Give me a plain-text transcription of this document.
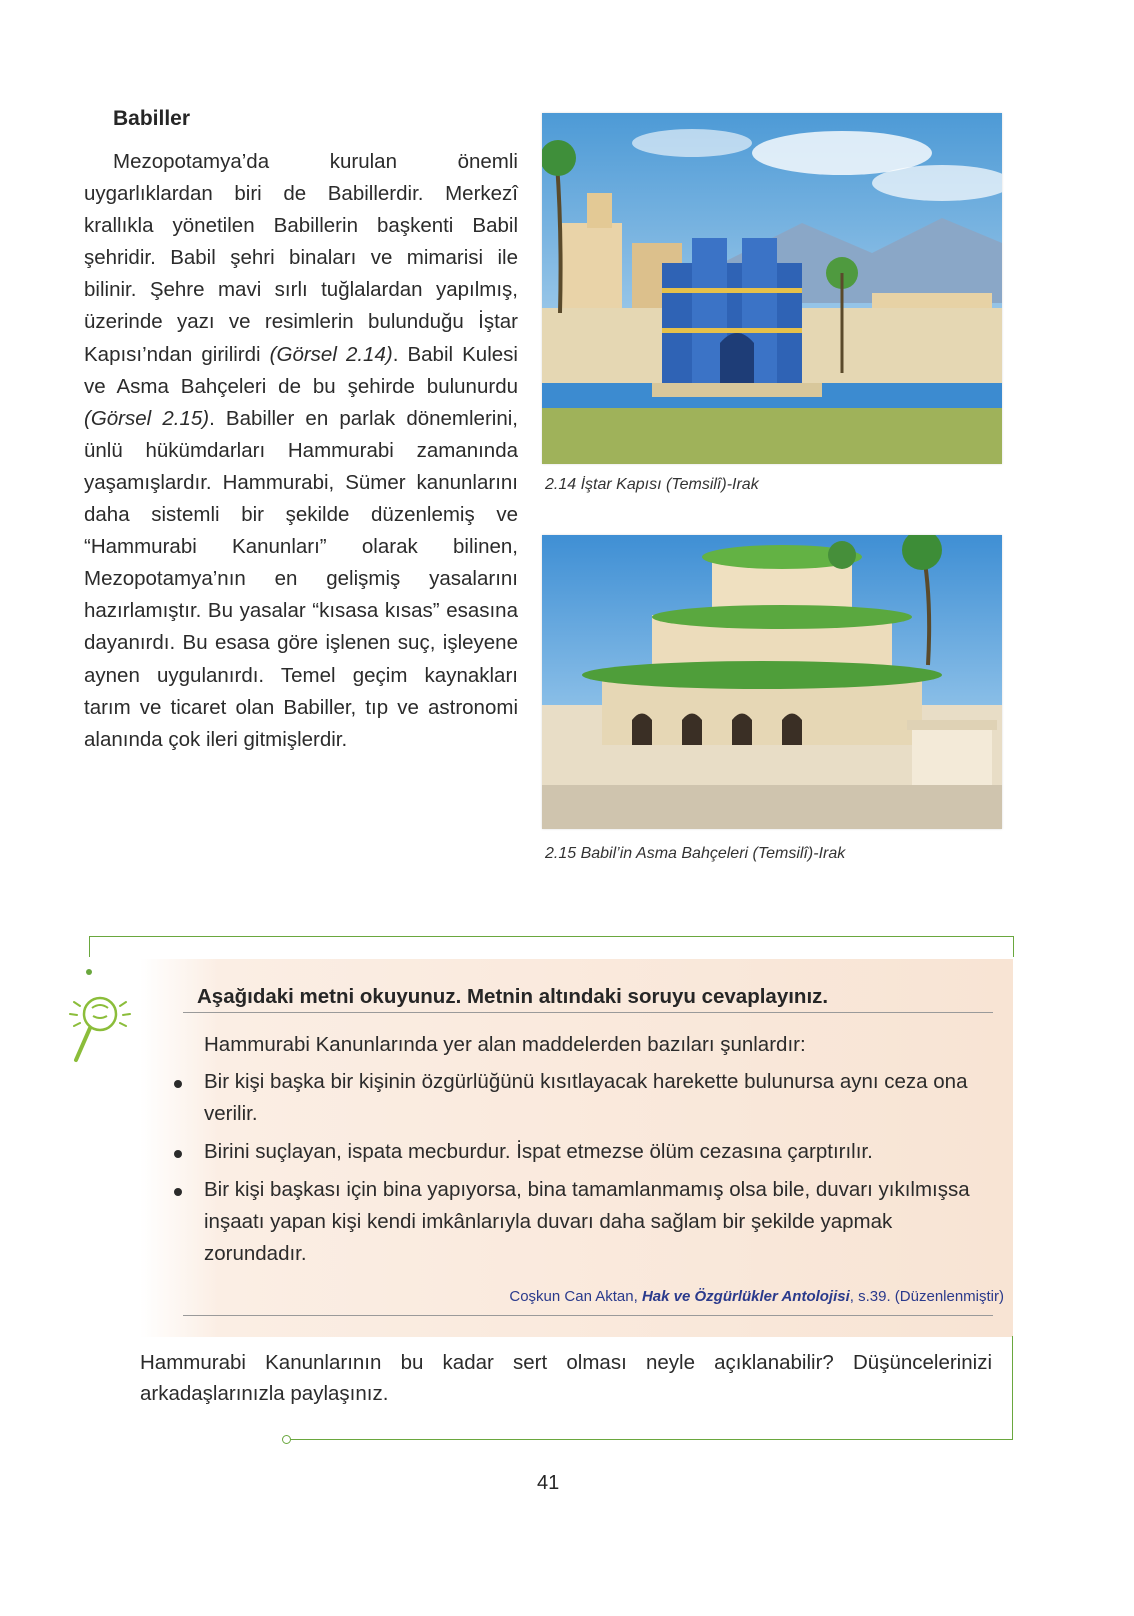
Babiller

Mezopotamya’da kurulan önemli uygarlıklardan biri de Babillerdir. Merkezî krallıkla yönetilen Babillerin başkenti Babil şehridir. Babil şehri binaları ve mimarisi ile bilinir. Şehre mavi sırlı tuğlalardan yapılmış, üzerinde yazı ve resimlerin bulunduğu İştar Kapısı’ndan girilirdi (Görsel 2.14). Babil Kulesi ve Asma Bahçeleri de bu şehirde bulunurdu (Görsel 2.15). Babiller en parlak dönemlerini, ünlü hükümdarları Hammurabi zamanında yaşamışlardır. Hammurabi, Sümer kanunlarını daha sistemli bir şekilde düzenlemiş ve “Hammurabi Kanunları” olarak bilinen, Mezopotamya’nın en gelişmiş yasalarını hazırlamıştır. Bu yasalar “kısasa kısas” esasına dayanırdı. Bu esasa göre işlenen suç, işleyene aynen uygulanırdı. Temel geçim kaynakları tarım ve ticaret olan Babiller, tıp ve astronomi alanında çok ileri gitmişlerdir.

2.14 İştar Kapısı (Temsilî)-Irak
2.15 Babil’in Asma Bahçeleri (Temsilî)-Irak
Aşağıdaki metni okuyunuz. Metnin altındaki soruyu cevaplayınız.
Hammurabi Kanunlarında yer alan maddelerden bazıları şunlardır:
Bir kişi başka bir kişinin özgürlüğünü kısıtlayacak harekette bulunursa aynı ceza ona verilir.
Birini suçlayan, ispata mecburdur. İspat etmezse ölüm cezasına çarptırılır.
Bir kişi başkası için bina yapıyorsa, bina tamamlanmamış olsa bile, duvarı yıkılmışsa inşaatı yapan kişi kendi imkânlarıyla duvarı daha sağlam bir şekilde yapmak zorundadır.
Coşkun Can Aktan, Hak ve Özgürlükler Antolojisi, s.39. (Düzenlenmiştir)
Hammurabi Kanunlarının bu kadar sert olması neyle açıklanabilir? Düşüncelerinizi arkadaşlarınızla paylaşınız.
41
